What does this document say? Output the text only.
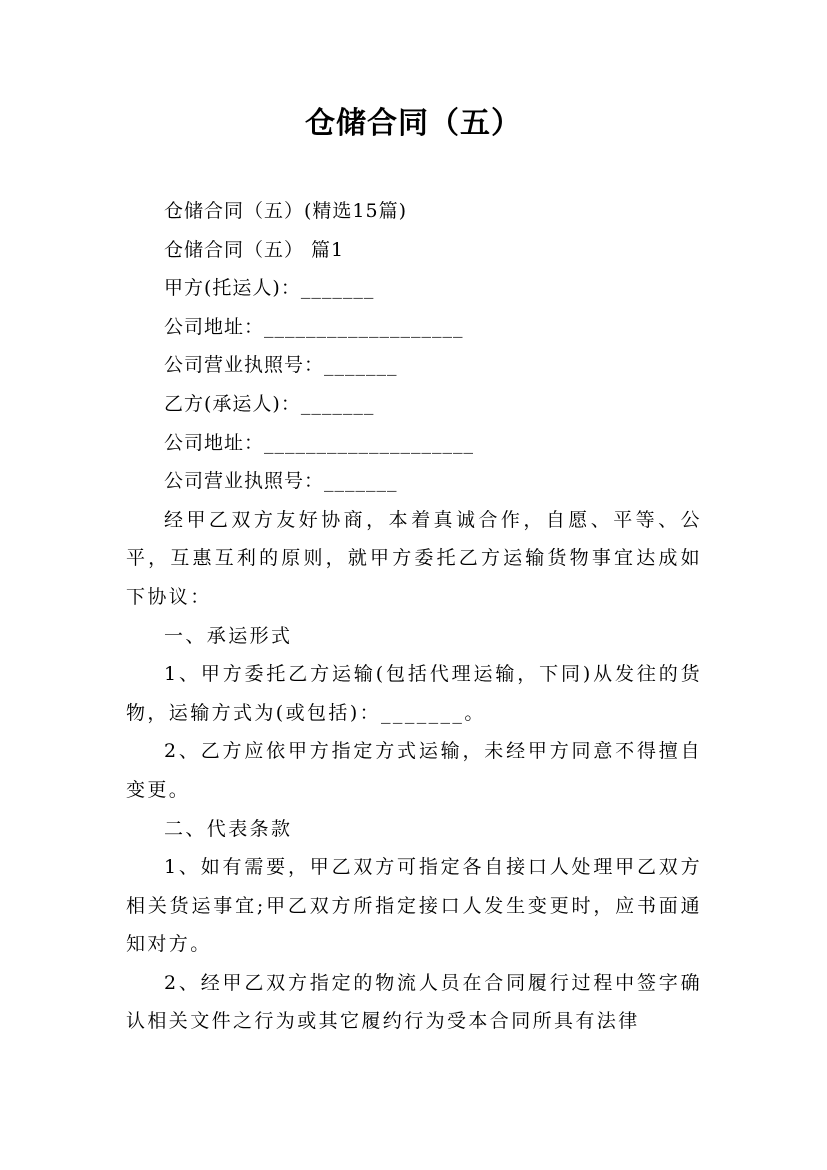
仓储合同（五）

仓储合同（五）(精选15篇)

仓储合同（五） 篇1

甲方(托运人)：_______

公司地址：___________________

公司营业执照号：_______

乙方(承运人)：_______

公司地址：____________________

公司营业执照号：_______

经甲乙双方友好协商，本着真诚合作，自愿、平等、公平，互惠互利的原则，就甲方委托乙方运输货物事宜达成如下协议：

一、承运形式

1、甲方委托乙方运输(包括代理运输，下同)从发往的货物，运输方式为(或包括)：_______。

2、乙方应依甲方指定方式运输，未经甲方同意不得擅自变更。

二、代表条款

1、如有需要，甲乙双方可指定各自接口人处理甲乙双方相关货运事宜;甲乙双方所指定接口人发生变更时，应书面通知对方。

2、经甲乙双方指定的物流人员在合同履行过程中签字确认相关文件之行为或其它履约行为受本合同所具有法律
